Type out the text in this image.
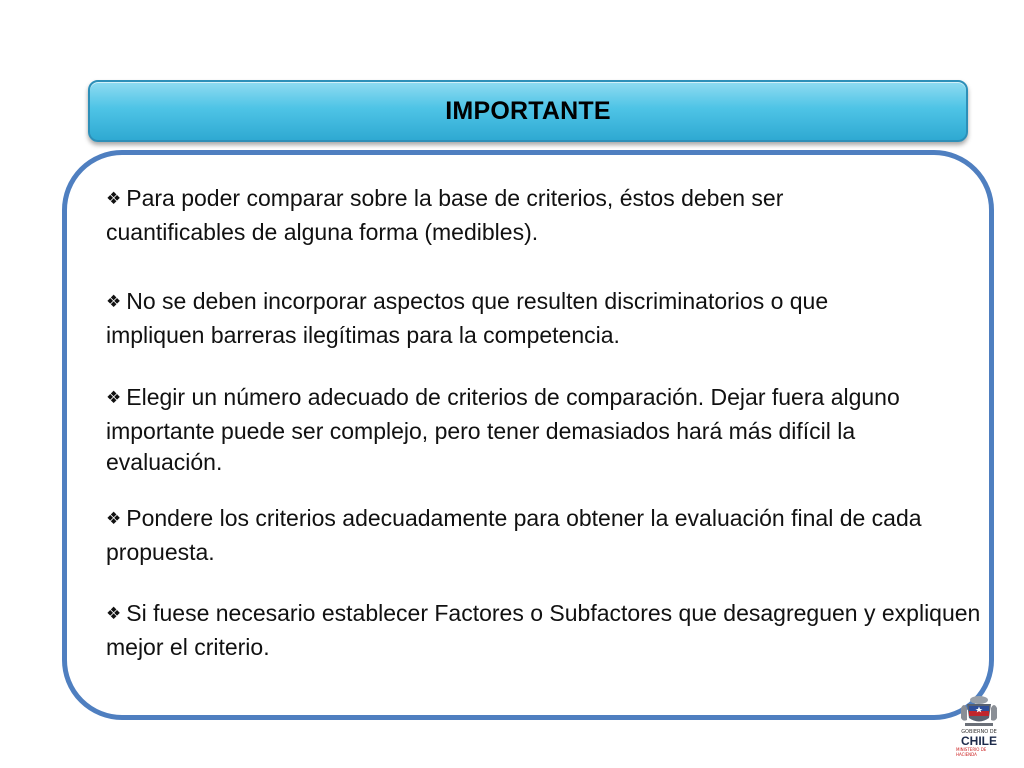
IMPORTANTE
❖ Para poder comparar sobre la base de criterios, éstos deben ser cuantificables de alguna forma (medibles).
❖ No se deben incorporar aspectos que resulten discriminatorios o que impliquen barreras ilegítimas para la competencia.
❖ Elegir un número adecuado de criterios de comparación. Dejar fuera alguno importante puede ser complejo, pero tener demasiados hará más difícil la evaluación.
❖ Pondere los criterios adecuadamente para obtener la evaluación final de cada propuesta.
❖ Si fuese necesario establecer Factores o Subfactores que desagreguen y expliquen mejor el criterio.
GOBIERNO DE
CHILE
MINISTERIO DE HACIENDA
